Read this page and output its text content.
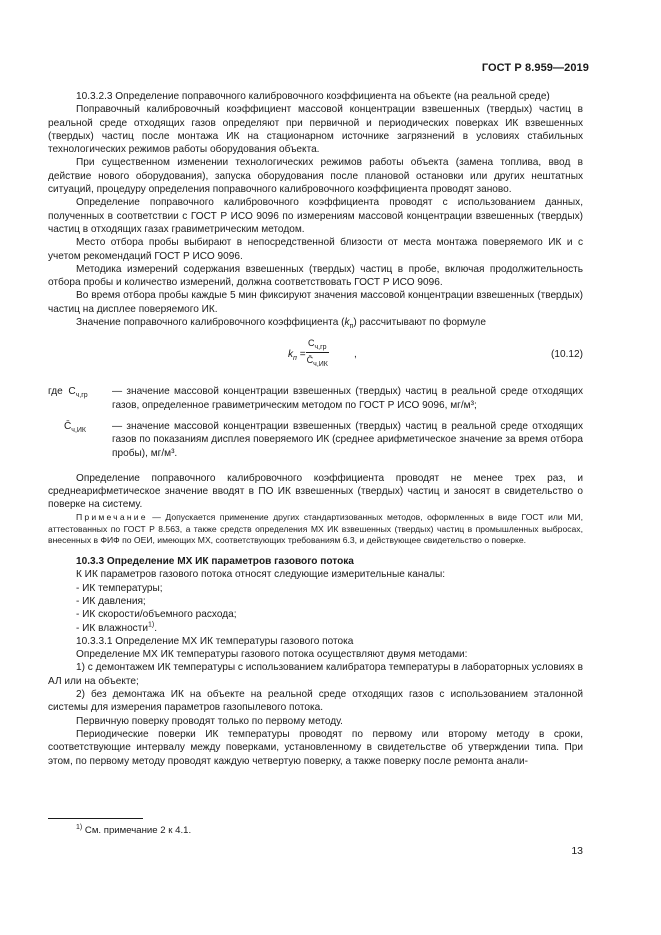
ГОСТ Р 8.959—2019

10.3.2.3 Определение поправочного калибровочного коэффициента на объекте (на реальной среде)

Поправочный калибровочный коэффициент массовой концентрации взвешенных (твердых) частиц в реальной среде отходящих газов определяют при первичной и периодических поверках ИК взвешенных (твердых) частиц после монтажа ИК на стационарном источнике загрязнений в условиях стабильных технологических режимов работы оборудования объекта.

При существенном изменении технологических режимов работы объекта (замена топлива, ввод в действие нового оборудования), запуска оборудования после плановой остановки или других нештатных ситуаций, процедуру определения поправочного калибровочного коэффициента проводят заново.

Определение поправочного калибровочного коэффициента проводят с использованием данных, полученных в соответствии с ГОСТ Р ИСО 9096 по измерениям массовой концентрации взвешенных (твердых) частиц в отходящих газах гравиметрическим методом.

Место отбора пробы выбирают в непосредственной близости от места монтажа поверяемого ИК и с учетом рекомендаций ГОСТ Р ИСО 9096.

Методика измерений содержания взвешенных (твердых) частиц в пробе, включая продолжительность отбора пробы и количество измерений, должна соответствовать ГОСТ Р ИСО 9096.

Во время отбора пробы каждые 5 мин фиксируют значения массовой концентрации взвешенных (твердых) частиц на дисплее поверяемого ИК.

Значение поправочного калибровочного коэффициента $(k_п)$ рассчитывают по формуле

$k_п$ =
$C_{ч,гр}$
$C̄_{ч,ИК}$
,	(10.12)
где $C_{ч,гр}$	— значение массовой концентрации взвешенных (твердых) частиц в реальной среде отходящих газов, определенное гравиметрическим методом по ГОСТ Р ИСО 9096, мг/м³;
$C̄_{ч,ИК}$	— значение массовой концентрации взвешенных (твердых) частиц в реальной среде отходящих газов по показаниям дисплея поверяемого ИК (среднее арифметическое значение за время отбора пробы), мг/м³.

Определение поправочного калибровочного коэффициента проводят не менее трех раз, и среднеарифметическое значение вводят в ПО ИК взвешенных (твердых) частиц и заносят в свидетельство о поверке на систему.

Примечание — Допускается применение других стандартизованных методов, оформленных в виде ГОСТ или МИ, аттестованных по ГОСТ Р 8.563, а также средств определения МХ ИК взвешенных (твердых) частиц в промышленных выбросах, внесенных в ФИФ по ОЕИ, имеющих МХ, соответствующих требованиям 6.3, и действующее свидетельство о поверке.

10.3.3 Определение МХ ИК параметров газового потока

К ИК параметров газового потока относят следующие измерительные каналы:

- ИК температуры;

- ИК давления;

- ИК скорости/объемного расхода;

- ИК влажности$^{1)}$.

10.3.3.1 Определение МХ ИК температуры газового потока

Определение МХ ИК температуры газового потока осуществляют двумя методами:

1) с демонтажем ИК температуры с использованием калибратора температуры в лабораторных условиях в АЛ или на объекте;

2) без демонтажа ИК на объекте на реальной среде отходящих газов с использованием эталонной системы для измерения параметров газопылевого потока.

Первичную поверку проводят только по первому методу.

Периодические поверки ИК температуры проводят по первому или второму методу в сроки, соответствующие интервалу между поверками, установленному в свидетельстве об утверждении типа. При этом, по первому методу проводят каждую четвертую поверку, а также поверку после ремонта анали-

$^{1)}$ См. примечание 2 к 4.1.
13
